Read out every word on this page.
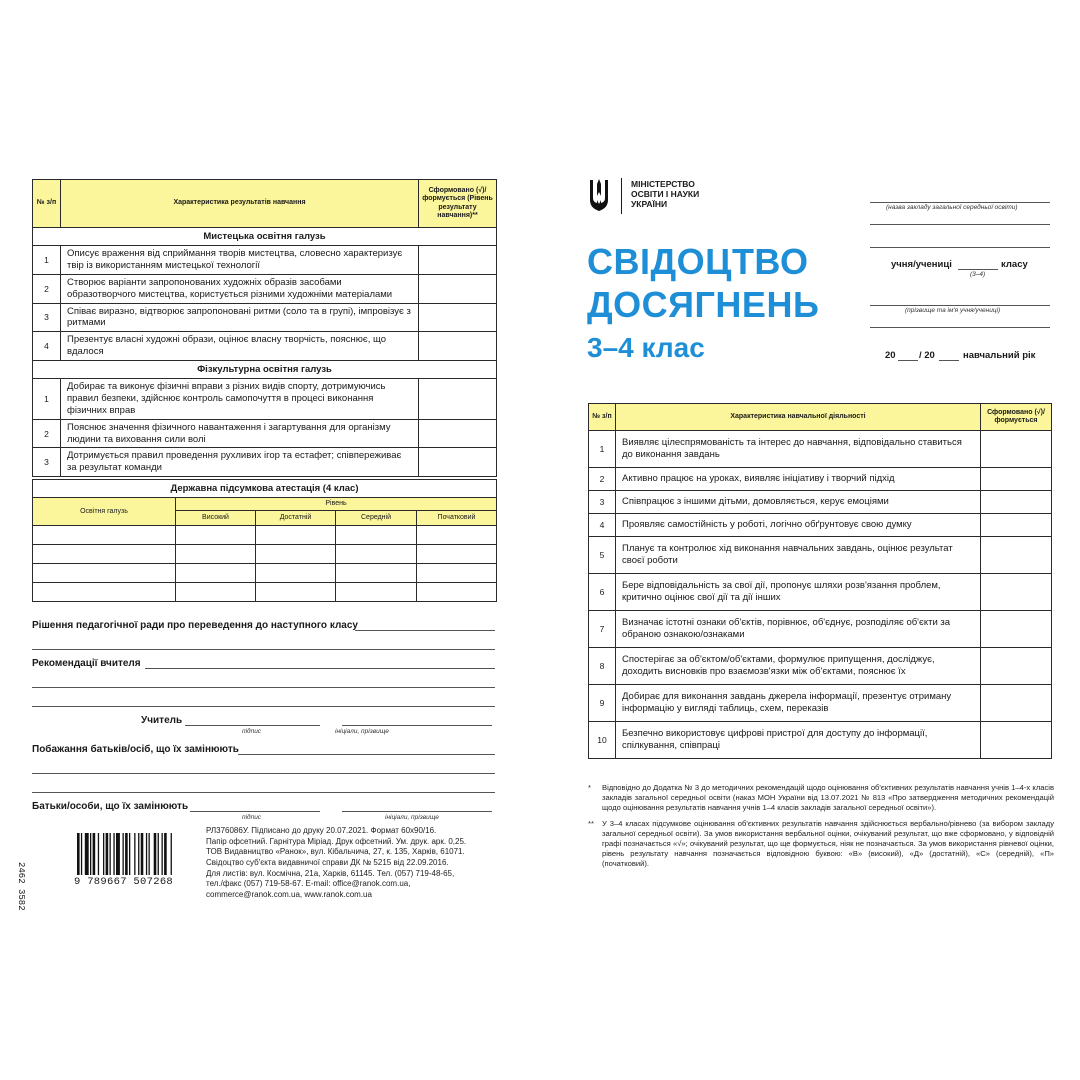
№ з/п	Характеристика результатів навчання	Сформовано (√)/ формується (Рівень результату навчання)**
Мистецька освітня галузь		
1	Описує враження від сприймання творів мистецтва, словесно характеризує твір із використанням мистецької технології	
2	Створює варіанти запропонованих художніх образів засобами образотворчого мистецтва, користується різними художніми матеріалами	
3	Співає виразно, відтворює запропоновані ритми (соло та в групі), імпровізує з ритмами	
4	Презентує власні художні образи, оцінює власну творчість, пояснює, що вдалося	
Фізкультурна освітня галузь		
1	Добирає та виконує фізичні вправи з різних видів спорту, дотримуючись правил безпеки, здійснює контроль самопочуття в процесі виконання фізичних вправ	
2	Пояснює значення фізичного навантаження і загартування для організму людини та виховання сили волі	
3	Дотримується правил проведення рухливих ігор та естафет; співпереживає за результат команди	
Державна підсумкова атестація (4 клас)				
Освітня галузь	Рівень			
	Високий	Достатній	Середній	Початковий

Рішення педагогічної ради про переведення до наступного класу
Рекомендації вчителя
Учитель
підпис	ініціали, прізвище
Побажання батьків/осіб, що їх замінюють
Батьки/особи, що їх замінюють
підпис	ініціали, прізвище
9 789667 507268
2462 3582
РЛ376086У. Підписано до друку 20.07.2021. Формат 60х90/16.
Папір офсетний. Гарнітура Міріад. Друк офсетний. Ум. друк. арк. 0,25.
ТОВ Видавництво «Ранок», вул. Кібальчича, 27, к. 135, Харків, 61071.
Свідоцтво суб'єкта видавничої справи ДК № 5215 від 22.09.2016.
Для листів: вул. Космічна, 21а, Харків, 61145. Тел. (057) 719-48-65,
тел./факс (057) 719-58-67. E-mail: office@ranok.com.ua,
commerce@ranok.com.ua, www.ranok.com.ua
МІНІСТЕРСТВО
ОСВІТИ І НАУКИ
УКРАЇНИ
СВІДОЦТВО
ДОСЯГНЕНЬ
3–4 клас
(назва закладу загальної середньої освіти)
учня/учениці	класу
(3–4)
(прізвище та ім'я учня/учениці)
20 / 20	навчальний рік
№ з/п	Характеристика навчальної діяльності	Сформовано (√)/ формується
1	Виявляє цілеспрямованість та інтерес до навчання, відповідально ставиться до виконання завдань	
2	Активно працює на уроках, виявляє ініціативу і творчий підхід	
3	Співпрацює з іншими дітьми, домовляється, керує емоціями	
4	Проявляє самостійність у роботі, логічно обґрунтовує свою думку	
5	Планує та контролює хід виконання навчальних завдань, оцінює результат своєї роботи	
6	Бере відповідальність за свої дії, пропонує шляхи розв'язання проблем, критично оцінює свої дії та дії інших	
7	Визначає істотні ознаки об'єктів, порівнює, об'єднує, розподіляє об'єкти за обраною ознакою/ознаками	
8	Спостерігає за об'єктом/об'єктами, формулює припущення, досліджує, доходить висновків про взаємозв'язки між об'єктами, пояснює їх	
9	Добирає для виконання завдань джерела інформації, презентує отриману інформацію у вигляді таблиць, схем, переказів	
10	Безпечно використовує цифрові пристрої для доступу до інформації, спілкування, співпраці	
* Відповідно до Додатка № 3 до методичних рекомендацій щодо оцінювання об'єктивних результатів навчання учнів 1–4-х класів закладів загальної середньої освіти (наказ МОН України від 13.07.2021 № 813 «Про затвердження методичних рекомендацій щодо оцінювання результатів навчання учнів 1–4 класів закладів загальної середньої освіти»).
** У 3–4 класах підсумкове оцінювання об'єктивних результатів навчання здійснюється вербально/рівнево (за вибором закладу загальної середньої освіти). За умов використання вербальної оцінки, очікуваний результат, що вже сформовано, у відповідній графі позначається «√»; очікуваний результат, що ще формується, ніяк не позначається. За умов використання рівневої оцінки, рівень результату навчання позначається відповідною буквою: «В» (високий), «Д» (достатній), «С» (середній), «П» (початковий).
